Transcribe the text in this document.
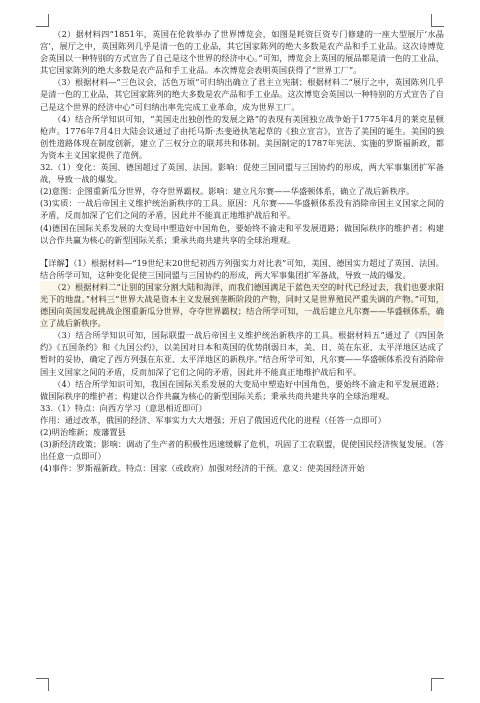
（2）据材料四“1851年，英国在伦敦举办了世界博览会，如图是耗资巨资专门修建的一座大型展厅‘水晶宫’，展厅之中，英国陈列几乎是清一色的工业品，其它国家陈列的绝大多数是农产品和手工业品。这次诗博览会英国以一种特别的方式宣告了自己是这个世界的经济中心。”可知，博览会上英国的展品都是清一色的工业品，其它国家陈列的绝大多数是农产品和手工业品。本次博览会表明英国获得了“世界工厂”。

（3）根据材料—“三色议会，活色万顷”可归纳出确立了君主立宪制；根据材料二“展厅之中，英国陈列几乎是清一色的工业品，其它国家陈列的绝大多数是农产品和手工业品。这次博览会英国以一种特别的方式宣告了自己是这个世界的经济中心”可归纳出率先完成工业革命，成为世界工厂。

（4）结合所学知识可知，“美国走出独创性的发展之路”的表现有美国独立战争始于1775年4月的莱克星顿枪声。1776年7月4日大陆会议通过了由托马斯·杰斐逊执笔起草的《独立宣言》，宣告了美国的诞生。美国的独创性道路体现在制度创新，建立了三权分立的联邦共和体制。美国制定的1787年宪法、实施的罗斯福新政，都为资本主义国家提供了范例。

32.（1）变化：英国、德国超过了英国、法国。影响：促使三国同盟与三国协约的形成，两大军事集团扩军备战，导致一战的爆发。

(2)意图：企图重新瓜分世界，夺夺世界霸权。影响：建立凡尔赛——华盛顿体系，确立了战后新秩序。

(3)实质：一战后帝国主义维护统治新秩序的工具。原因：凡尔赛——华盛顿体系没有消除帝国主义国家之间的矛盾，反而加深了它们之间的矛盾，因此并不能真正地维护战后和平。

(4)德国在国际关系发展的大变局中塑造好中国角色，要始终不渝走和平发展道路；做国际秩序的维护者；构建以合作共赢为核心的新型国际关系；秉承共商共建共享的全球治理观。

【详解】（1）根据材料—“19世纪末20世纪初西方列强实力对比表”可知，美国、德国实力超过了英国、法国。结合所学可知，这种变化促使三国同盟与三国协约的形成，两大军事集团扩军备战，导致一战的爆发。

（2）根据材料二“让别的国家分割大陆和海洋，而我们德国满足于蓝色天空的时代已经过去，我们也要求阳光下的地盘。”材料三“世界大战是资本主义发展到垄断阶段的产物，同时又是世界殖民严重失调的产物。”可知，德国向英国发起挑战企图重新瓜分世界，夺夺世界霸权；结合所学可知，一战后建立凡尔赛——华盛顿体系，确立了战后新秩序。

（3）结合所学知识可知，国际联盟一战后帝国主义维护统治新秩序的工具。根据材料五“通过了《四国条约》《五国条约》和《九国公约》，以美国对日本和英国的优势削弱日本，美、日、英在东亚、太平洋地区达成了暂时的妥协，确定了西方列强在东亚、太平洋地区的新秩序。”结合所学可知，凡尔赛——华盛顿体系没有消除帝国主义国家之间的矛盾，反而加深了它们之间的矛盾，因此并不能真正地维护战后和平。

（4）结合所学知识可知，我国在国际关系发展的大变局中塑造好中国角色，要始终不渝走和平发展道路；做国际秩序的维护者；构建以合作共赢为核心的新型国际关系；秉承共商共建共享的全球治理观。

33.（1）特点：向西方学习（意思相近即可）

作用：通过改革，俄国的经济、军事实力大大增强；开启了俄国近代化的进程（任答一点即可）

(2)明治维新；废藩置县

(3)新经济政策；影响：调动了生产者的积极性迅速缓解了危机，巩固了工农联盟，促使国民经济恢复发展。（答出任意一点即可）

(4)事件：罗斯福新政。特点：国家（或政府）加强对经济的干预。意义：使美国经济开始
